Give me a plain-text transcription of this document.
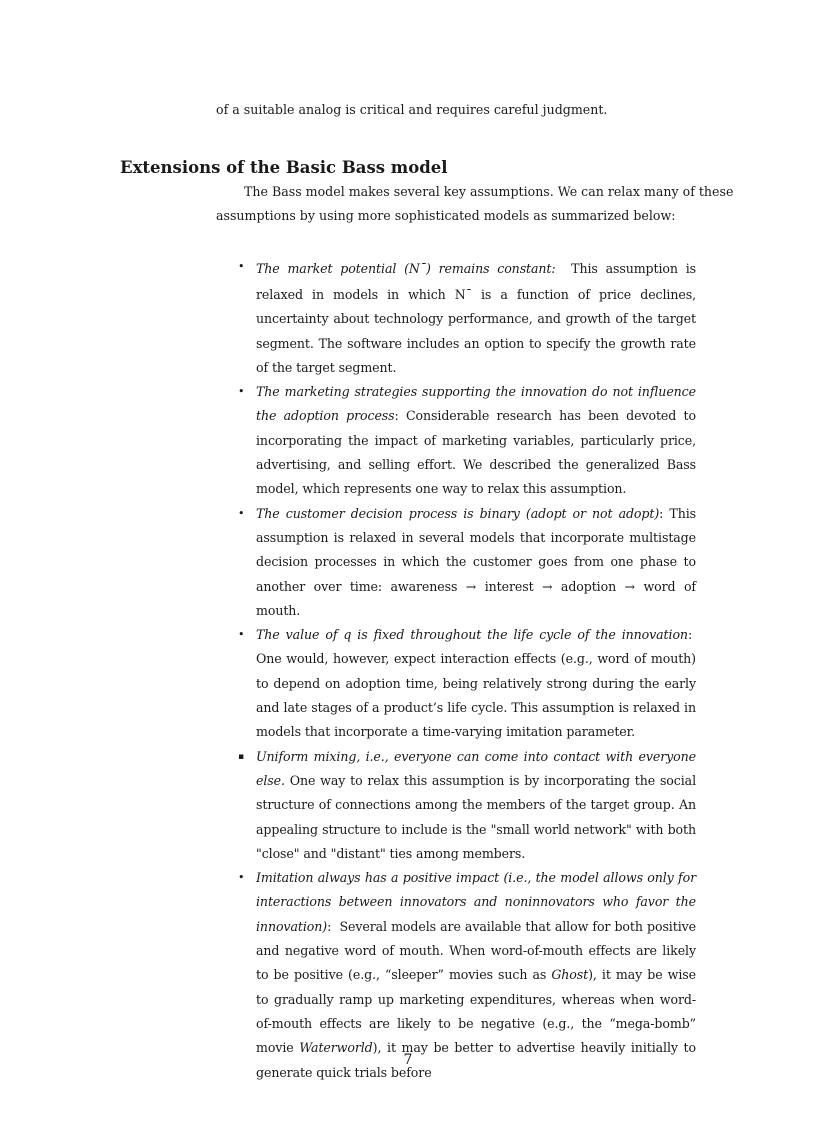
of a suitable analog is critical and requires careful judgment.
Extensions of the Basic Bass model

The Bass model makes several key assumptions. We can relax many of these
assumptions by using more sophisticated models as summarized below:

• The market potential (N¯) remains constant: This assumption is relaxed in models in which N¯ is a function of price declines, uncertainty about technology performance, and growth of the target segment. The software includes an option to specify the growth rate of the target segment.
• The marketing strategies supporting the innovation do not influence the adoption process: Considerable research has been devoted to incorporating the impact of marketing variables, particularly price, advertising, and selling effort. We described the generalized Bass model, which represents one way to relax this assumption.
• The customer decision process is binary (adopt or not adopt): This assumption is relaxed in several models that incorporate multistage decision processes in which the customer goes from one phase to another over time: awareness → interest → adoption → word of mouth.
• The value of q is fixed throughout the life cycle of the innovation:  One would, however, expect interaction effects (e.g., word of mouth) to depend on adoption time, being relatively strong during the early and late stages of a product’s life cycle. This assumption is relaxed in models that incorporate a time-varying imitation parameter.
▪ Uniform mixing, i.e., everyone can come into contact with everyone else. One way to relax this assumption is by incorporating the social structure of connections among the members of the target group. An appealing structure to include is the "small world network" with both "close" and "distant" ties among members.
• Imitation always has a positive impact (i.e., the model allows only for interactions between innovators and noninnovators who favor the innovation): Several models are available that allow for both positive and negative word of mouth. When word-of-mouth effects are likely to be positive (e.g., “sleeper” movies such as Ghost), it may be wise to gradually ramp up marketing expenditures, whereas when word-of-mouth effects are likely to be negative (e.g., the “mega-bomb” movie Waterworld), it may be better to advertise heavily initially to generate quick trials before
7
